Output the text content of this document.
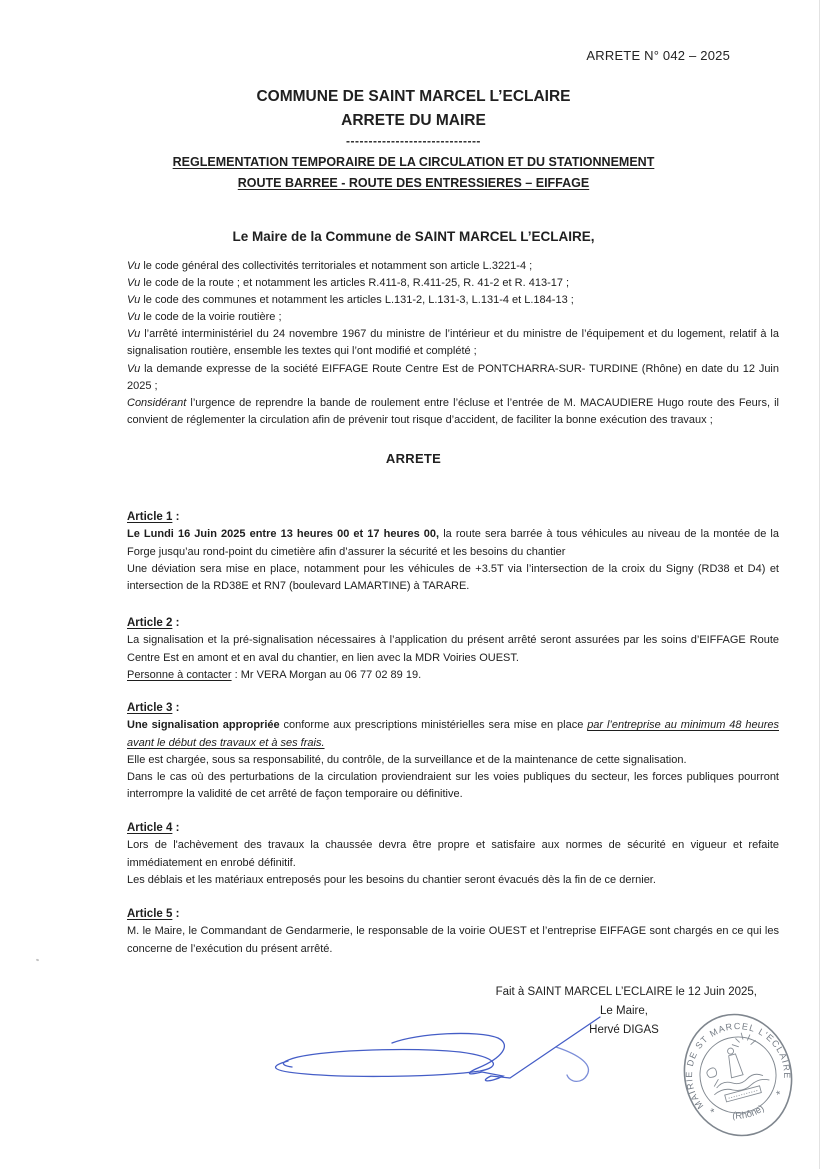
ARRETE N° 042 – 2025
COMMUNE DE SAINT MARCEL L’ECLAIRE
ARRETE DU MAIRE
------------------------------
REGLEMENTATION TEMPORAIRE DE LA CIRCULATION ET DU STATIONNEMENT
ROUTE BARREE - ROUTE DES ENTRESSIERES – EIFFAGE
Le Maire de la Commune de SAINT MARCEL L’ECLAIRE,

Vu le code général des collectivités territoriales et notamment son article L.3221-4 ;

Vu le code de la route ; et notamment les articles R.411-8, R.411-25, R. 41-2 et R. 413-17 ;

Vu le code des communes et notamment les articles L.131-2, L.131-3, L.131-4 et L.184-13 ;

Vu le code de la voirie routière ;

Vu l’arrêté interministériel du 24 novembre 1967 du ministre de l’intérieur et du ministre de l’équipement et du logement, relatif à la signalisation routière, ensemble les textes qui l’ont modifié et complété ;

Vu la demande expresse de la société EIFFAGE Route Centre Est de PONTCHARRA-SUR- TURDINE (Rhône) en date du 12 Juin 2025 ;

Considérant l’urgence de reprendre la bande de roulement entre l’écluse et l’entrée de M. MACAUDIERE Hugo route des Feurs, il convient de réglementer la circulation afin de prévenir tout risque d’accident, de faciliter la bonne exécution des travaux ;

ARRETE
Article 1 :

Le Lundi 16 Juin 2025 entre 13 heures 00 et 17 heures 00, la route sera barrée à tous véhicules au niveau de la montée de la Forge jusqu’au rond-point du cimetière afin d’assurer la sécurité et les besoins du chantier

Une déviation sera mise en place, notamment pour les véhicules de +3.5T via l’intersection de la croix du Signy (RD38 et D4) et intersection de la RD38E et RN7 (boulevard LAMARTINE) à TARARE.

Article 2 :

La signalisation et la pré-signalisation nécessaires à l’application du présent arrêté seront assurées par les soins d’EIFFAGE Route Centre Est en amont et en aval du chantier, en lien avec la MDR Voiries OUEST.

Personne à contacter : Mr VERA Morgan au 06 77 02 89 19.

Article 3 :

Une signalisation appropriée conforme aux prescriptions ministérielles sera mise en place par l’entreprise au minimum 48 heures avant le début des travaux et à ses frais.

Elle est chargée, sous sa responsabilité, du contrôle, de la surveillance et de la maintenance de cette signalisation.

Dans le cas où des perturbations de la circulation proviendraient sur les voies publiques du secteur, les forces publiques pourront interrompre la validité de cet arrêté de façon temporaire ou définitive.

Article 4 :

Lors de l'achèvement des travaux la chaussée devra être propre et satisfaire aux normes de sécurité en vigueur et refaite immédiatement en enrobé définitif.

Les déblais et les matériaux entreposés pour les besoins du chantier seront évacués dès la fin de ce dernier.

Article 5 :

M. le Maire, le Commandant de Gendarmerie, le responsable de la voirie OUEST et l’entreprise EIFFAGE sont chargés en ce qui les concerne de l’exécution du présent arrêté.

Fait à SAINT MARCEL L’ECLAIRE le 12 Juin 2025,
Le Maire,
Hervé DIGAS
MAIRIE DE ST MARCEL L'ECLAIRE
(Rhône)
*
*
